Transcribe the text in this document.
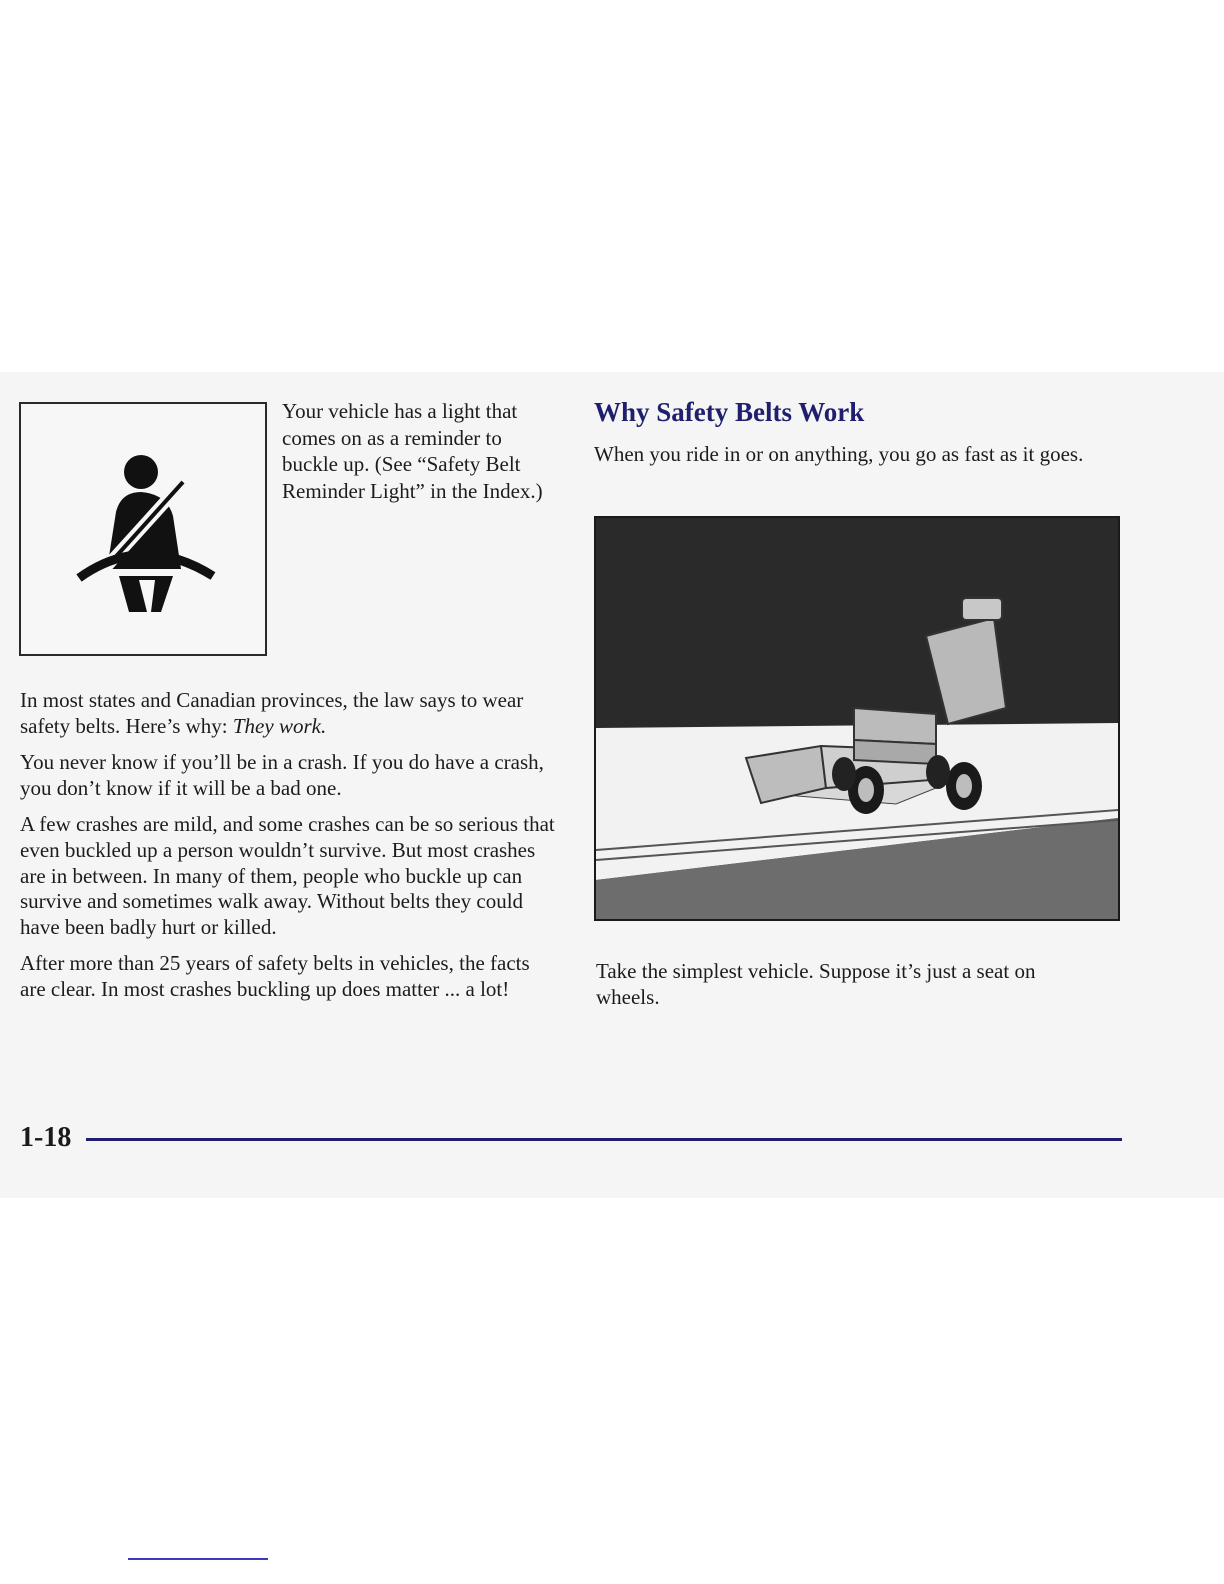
Your vehicle has a light that comes on as a reminder to buckle up. (See “Safety Belt Reminder Light” in the Index.)

In most states and Canadian provinces, the law says to wear safety belts. Here’s why: They work.

You never know if you’ll be in a crash. If you do have a crash, you don’t know if it will be a bad one.

A few crashes are mild, and some crashes can be so serious that even buckled up a person wouldn’t survive. But most crashes are in between. In many of them, people who buckle up can survive and sometimes walk away. Without belts they could have been badly hurt or killed.

After more than 25 years of safety belts in vehicles, the facts are clear. In most crashes buckling up does matter ... a lot!

Why Safety Belts Work

When you ride in or on anything, you go as fast as it goes.

Take the simplest vehicle. Suppose it’s just a seat on wheels.

1-18
